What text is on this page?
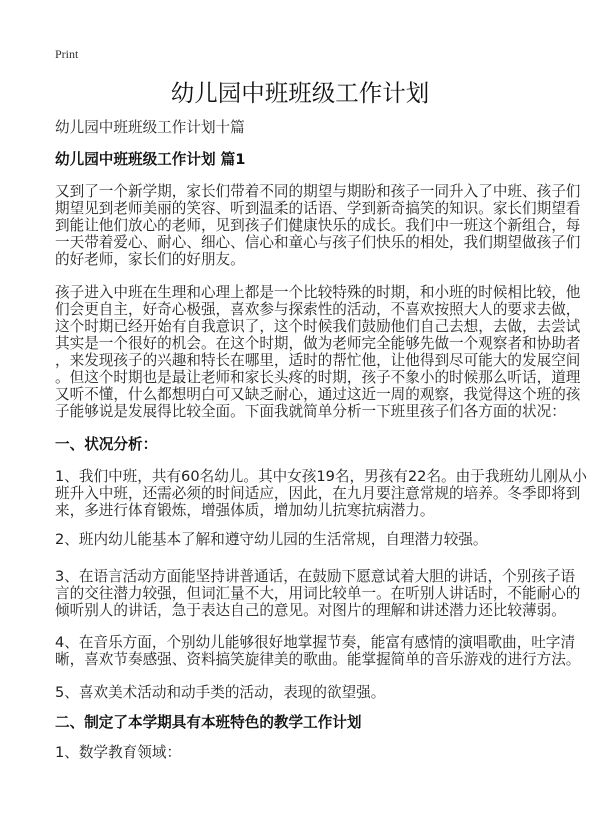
Print
幼儿园中班班级工作计划
幼儿园中班班级工作计划十篇
幼儿园中班班级工作计划 篇1
又到了一个新学期，家长们带着不同的期望与期盼和孩子一同升入了中班、孩子们
期望见到老师美丽的笑容、听到温柔的话语、学到新奇搞笑的知识。家长们期望看
到能让他们放心的老师，见到孩子们健康快乐的成长。我们中一班这个新组合，每
一天带着爱心、耐心、细心、信心和童心与孩子们快乐的相处，我们期望做孩子们
的好老师，家长们的好朋友。
孩子进入中班在生理和心理上都是一个比较特殊的时期，和小班的时候相比较，他
们会更自主，好奇心极强，喜欢参与探索性的活动，不喜欢按照大人的要求去做，
这个时期已经开始有自我意识了，这个时候我们鼓励他们自己去想，去做，去尝试
其实是一个很好的机会。在这个时期，做为老师完全能够先做一个观察者和协助者
，来发现孩子的兴趣和特长在哪里，适时的帮忙他，让他得到尽可能大的发展空间
。但这个时期也是最让老师和家长头疼的时期，孩子不象小的时候那么听话，道理
又听不懂，什么都想明白可又缺乏耐心，通过这近一周的观察，我觉得这个班的孩
子能够说是发展得比较全面。下面我就简单分析一下班里孩子们各方面的状况：
一、状况分析：
1、我们中班，共有60名幼儿。其中女孩19名，男孩有22名。由于我班幼儿刚从小
班升入中班，还需必须的时间适应，因此，在九月要注意常规的培养。冬季即将到
来，多进行体育锻炼，增强体质，增加幼儿抗寒抗病潜力。
2、班内幼儿能基本了解和遵守幼儿园的生活常规，自理潜力较强。
3、在语言活动方面能坚持讲普通话，在鼓励下愿意试着大胆的讲话，个别孩子语
言的交往潜力较强，但词汇量不大，用词比较单一。在听别人讲话时，不能耐心的
倾听别人的讲话，急于表达自己的意见。对图片的理解和讲述潜力还比较薄弱。
4、在音乐方面，个别幼儿能够很好地掌握节奏，能富有感情的演唱歌曲，吐字清
晰，喜欢节奏感强、资料搞笑旋律美的歌曲。能掌握简单的音乐游戏的进行方法。
5、喜欢美术活动和动手类的活动，表现的欲望强。
二、制定了本学期具有本班特色的教学工作计划
1、数学教育领域：
